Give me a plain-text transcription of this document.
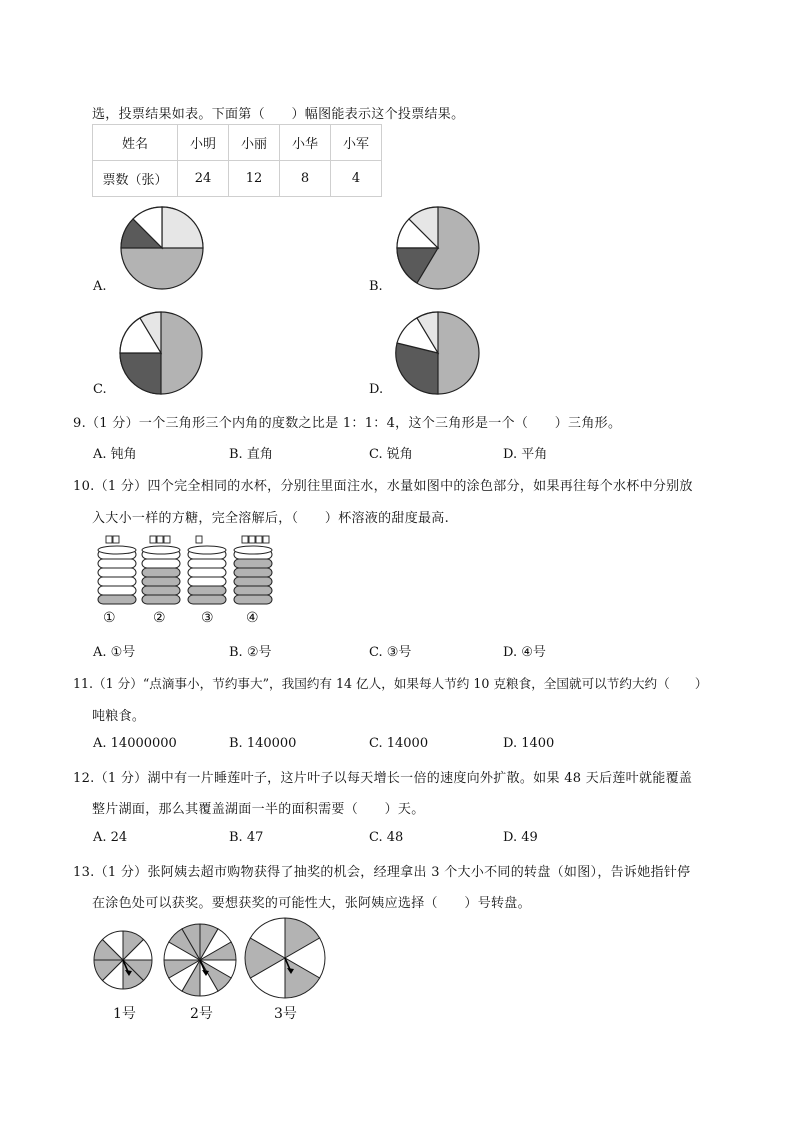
选，投票结果如表。下面第（　　）幅图能表示这个投票结果。
姓名	小明	小丽	小华	小军
票数（张）	24	12	8	4
A.	B.
C.	D.
9.（1 分）一个三角形三个内角的度数之比是 1：1：4，这个三角形是一个（　　）三角形。
A. 钝角	B. 直角	C. 锐角	D. 平角
10.（1 分）四个完全相同的水杯，分别往里面注水，水量如图中的涂色部分，如果再往每个水杯中分别放
入大小一样的方糖，完全溶解后，（　　）杯溶液的甜度最高.
①	②	③ ④
A. ①号	B. ②号	C. ③号	D. ④号
11.（1 分）“点滴事小，节约事大”，我国约有 14 亿人，如果每人节约 10 克粮食，全国就可以节约大约（　　）
吨粮食。
A. 14000000	B. 140000	C. 14000	D. 1400
12.（1 分）湖中有一片睡莲叶子，这片叶子以每天增长一倍的速度向外扩散。如果 48 天后莲叶就能覆盖
整片湖面，那么其覆盖湖面一半的面积需要（　　）天。
A. 24	B. 47	C. 48	D. 49
13.（1 分）张阿姨去超市购物获得了抽奖的机会，经理拿出 3 个大小不同的转盘（如图），告诉她指针停
在涂色处可以获奖。要想获奖的可能性大，张阿姨应选择（　　）号转盘。
1号	2号	3号
